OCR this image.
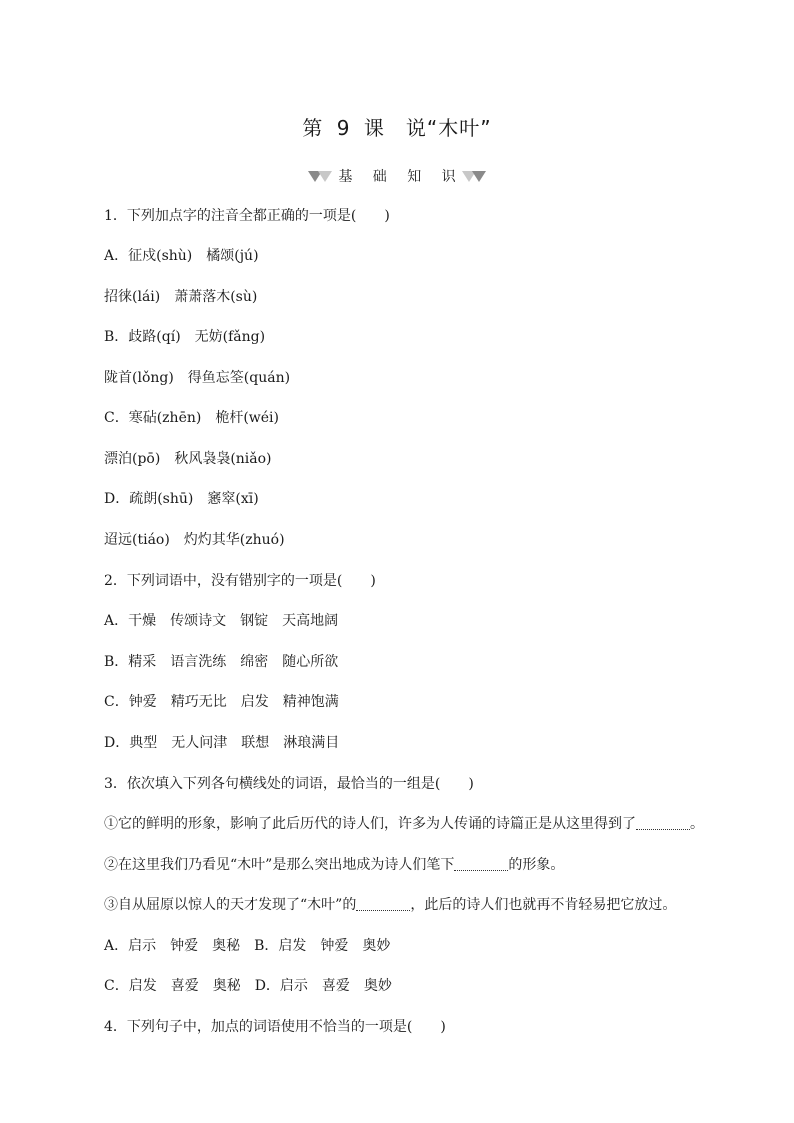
第 9 课　说“木叶”
基 础 知 识
1．下列加点字的注音全都正确的一项是(　　)
A．征戍(shù)　橘颂(jú)
招徕(lái)　萧萧落木(sù)
B．歧路(qí)　无妨(fǎng)
陇首(lǒng)　得鱼忘筌(quán)
C．寒砧(zhēn)　桅杆(wéi)
漂泊(pō)　秋风袅袅(niǎo)
D．疏朗(shū)　窸窣(xī)
迢远(tiáo)　灼灼其华(zhuó)
2．下列词语中，没有错别字的一项是(　　)
A．干燥　传颂诗文　钢锭　天高地阔
B．精采　语言洗练　绵密　随心所欲
C．钟爱　精巧无比　启发　精神饱满
D．典型　无人问津　联想　淋琅满目
3．依次填入下列各句横线处的词语，最恰当的一组是(　　)
①它的鲜明的形象，影响了此后历代的诗人们，许多为人传诵的诗篇正是从这里得到了	。
②在这里我们乃看见“木叶”是那么突出地成为诗人们笔下	的形象。
③自从屈原以惊人的天才发现了“木叶”的	，此后的诗人们也就再不肯轻易把它放过。
A．启示　钟爱　奥秘　B．启发　钟爱　奥妙
C．启发　喜爱　奥秘　D．启示　喜爱　奥妙
4．下列句子中，加点的词语使用不恰当的一项是(　　)
